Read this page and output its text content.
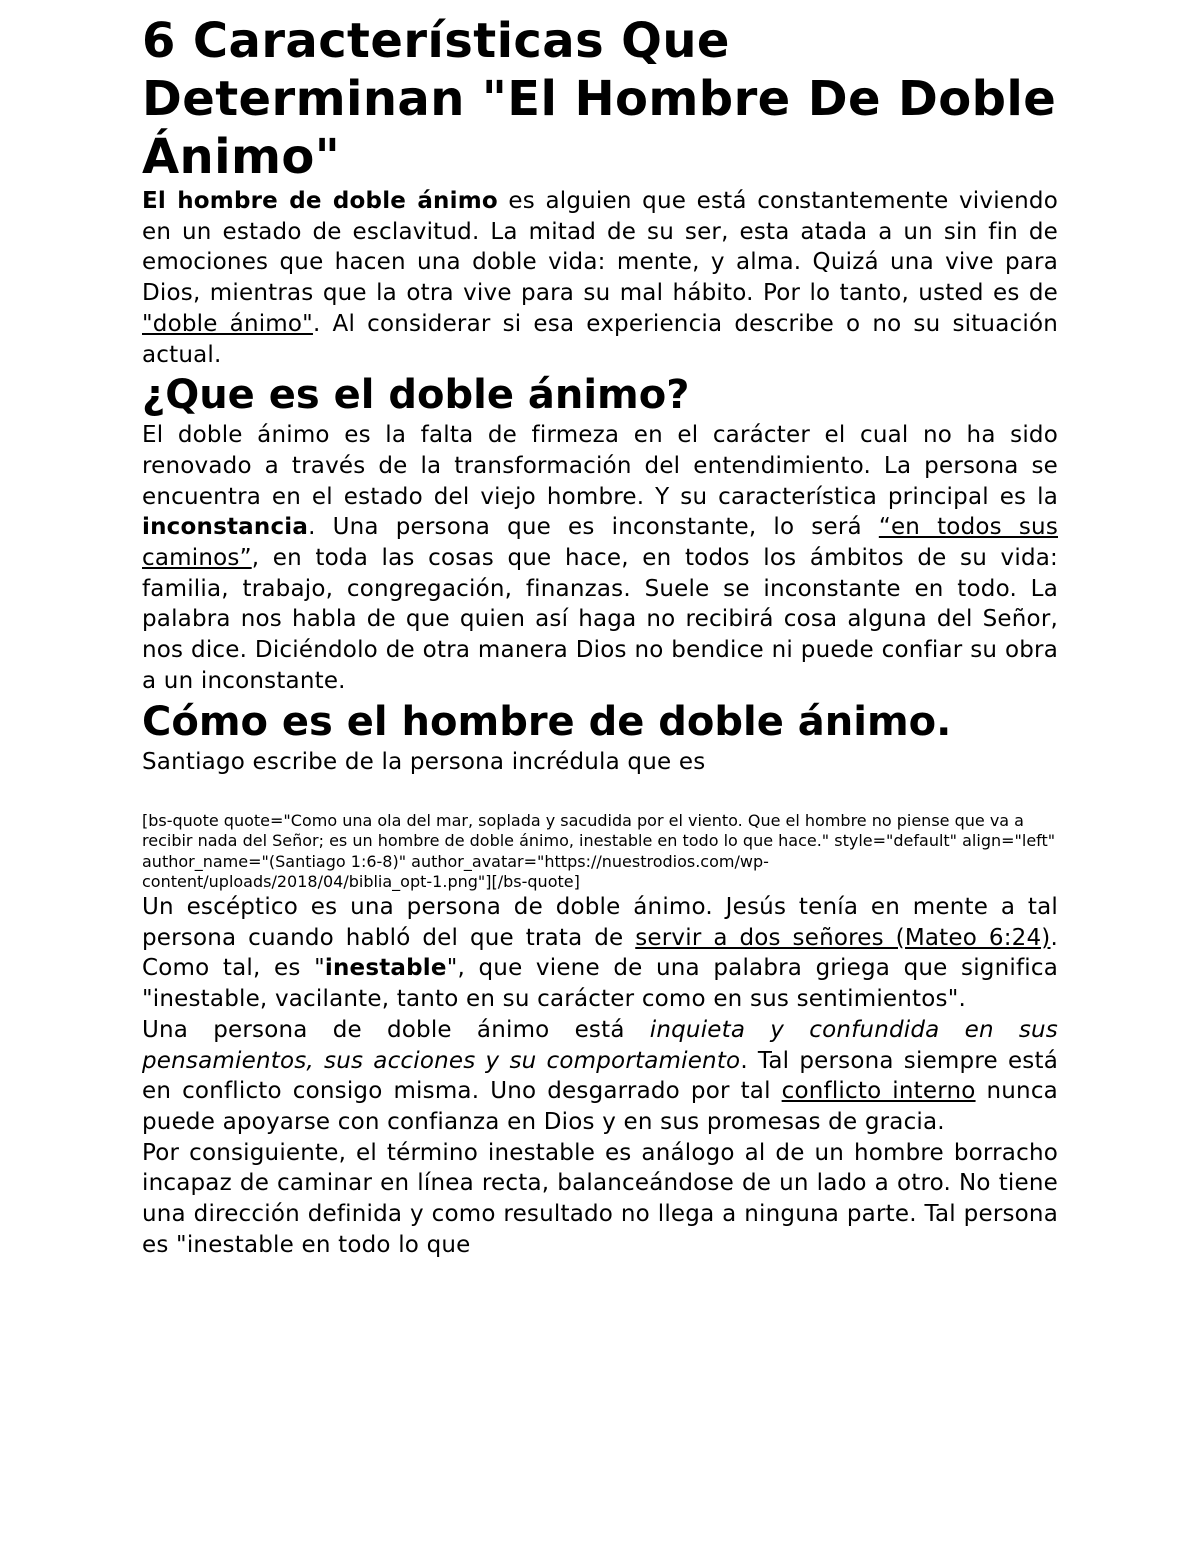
6 Características Que Determinan "El Hombre De Doble Ánimo"

El hombre de doble ánimo es alguien que está constantemente viviendo en un estado de esclavitud. La mitad de su ser, esta atada a un sin fin de emociones que hacen una doble vida: mente, y alma. Quizá una vive para Dios, mientras que la otra vive para su mal hábito. Por lo tanto, usted es de "doble ánimo". Al considerar si esa experiencia describe o no su situación actual.

¿Que es el doble ánimo?

El doble ánimo es la falta de firmeza en el carácter el cual no ha sido renovado a través de la transformación del entendimiento. La persona se encuentra en el estado del viejo hombre. Y su característica principal es la inconstancia. Una persona que es inconstante, lo será “en todos sus caminos”, en toda las cosas que hace, en todos los ámbitos de su vida: familia, trabajo, congregación, finanzas. Suele se inconstante en todo. La palabra nos habla de que quien así haga no recibirá cosa alguna del Señor, nos dice. Diciéndolo de otra manera Dios no bendice ni puede confiar su obra a un inconstante.

Cómo es el hombre de doble ánimo.

Santiago escribe de la persona incrédula que es

[bs-quote quote="Como una ola del mar, soplada y sacudida por el viento. Que el hombre no piense que va a recibir nada del Señor; es un hombre de doble ánimo, inestable en todo lo que hace." style="default" align="left" author_name="(Santiago 1:6-8)" author_avatar="https://nuestrodios.com/wp-content/uploads/2018/04/biblia_opt-1.png"][/bs-quote]

Un escéptico es una persona de doble ánimo. Jesús tenía en mente a tal persona cuando habló del que trata de servir a dos señores (Mateo 6:24). Como tal, es "inestable", que viene de una palabra griega que significa "inestable, vacilante, tanto en su carácter como en sus sentimientos".

Una persona de doble ánimo está inquieta y confundida en sus pensamientos, sus acciones y su comportamiento. Tal persona siempre está en conflicto consigo misma. Uno desgarrado por tal conflicto interno nunca puede apoyarse con confianza en Dios y en sus promesas de gracia.

Por consiguiente, el término inestable es análogo al de un hombre borracho incapaz de caminar en línea recta, balanceándose de un lado a otro. No tiene una dirección definida y como resultado no llega a ninguna parte. Tal persona es "inestable en todo lo que
